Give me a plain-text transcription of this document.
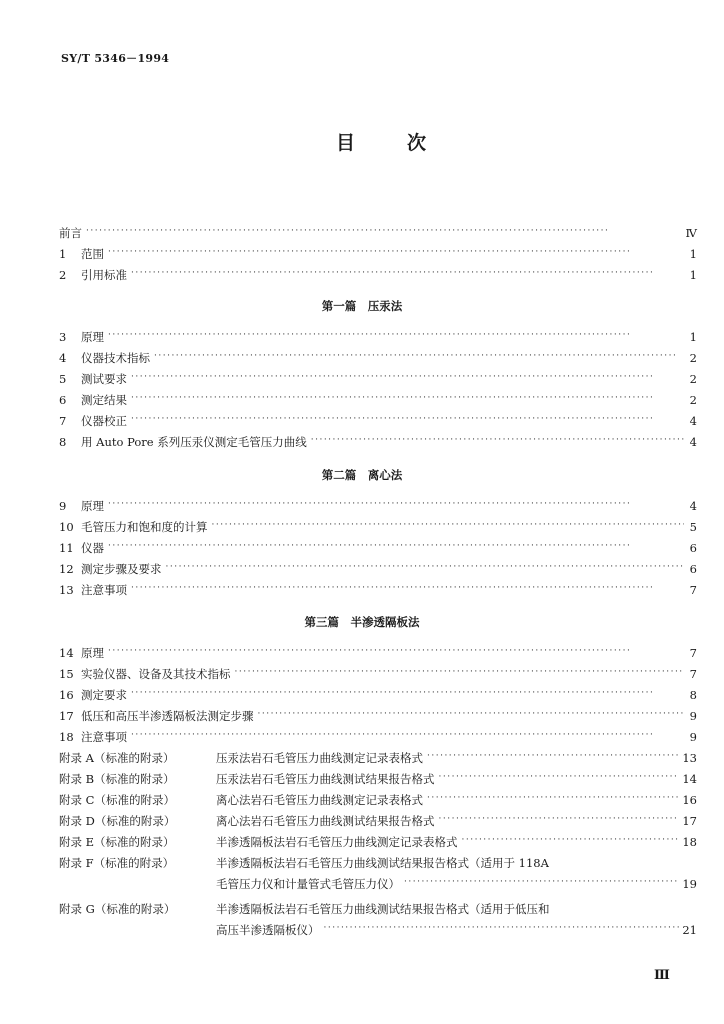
SY/T 5346－1994
目	次
前言 ·····	Ⅳ
1	范围 ·····	1
2	引用标准 ·····	1
第一篇　压汞法
3	原理 ·····	1
4	仪器技术指标 ·····	2
5	测试要求 ·····	2
6	测定结果 ·····	2
7	仪器校正 ·····	4
8	用 Auto Pore 系列压汞仪测定毛管压力曲线 ·····	4
第二篇　离心法
9	原理 ·····	4
10 毛管压力和饱和度的计算 ·····	5
11 仪器 ·····	6
12 测定步骤及要求 ·····	6
13 注意事项 ·····	7
第三篇　半渗透隔板法
14 原理 ·····	7
15 实验仪器、设备及其技术指标 ·····	7
16 测定要求 ·····	8
17 低压和高压半渗透隔板法测定步骤 ·····	9
18 注意事项 ·····	9
附录 A（标准的附录）	压汞法岩石毛管压力曲线测定记录表格式 ·····	13
附录 B（标准的附录）	压汞法岩石毛管压力曲线测试结果报告格式 ·····	14
附录 C（标准的附录）	离心法岩石毛管压力曲线测定记录表格式 ·····	16
附录 D（标准的附录）	离心法岩石毛管压力曲线测试结果报告格式 ·····	17
附录 E（标准的附录）	半渗透隔板法岩石毛管压力曲线测定记录表格式 ·····	18
附录 F（标准的附录）	半渗透隔板法岩石毛管压力曲线测试结果报告格式（适用于 118A
毛管压力仪和计量管式毛管压力仪） ·····	19
附录 G（标准的附录）	半渗透隔板法岩石毛管压力曲线测试结果报告格式（适用于低压和
高压半渗透隔板仪） ·····	21
Ⅲ
